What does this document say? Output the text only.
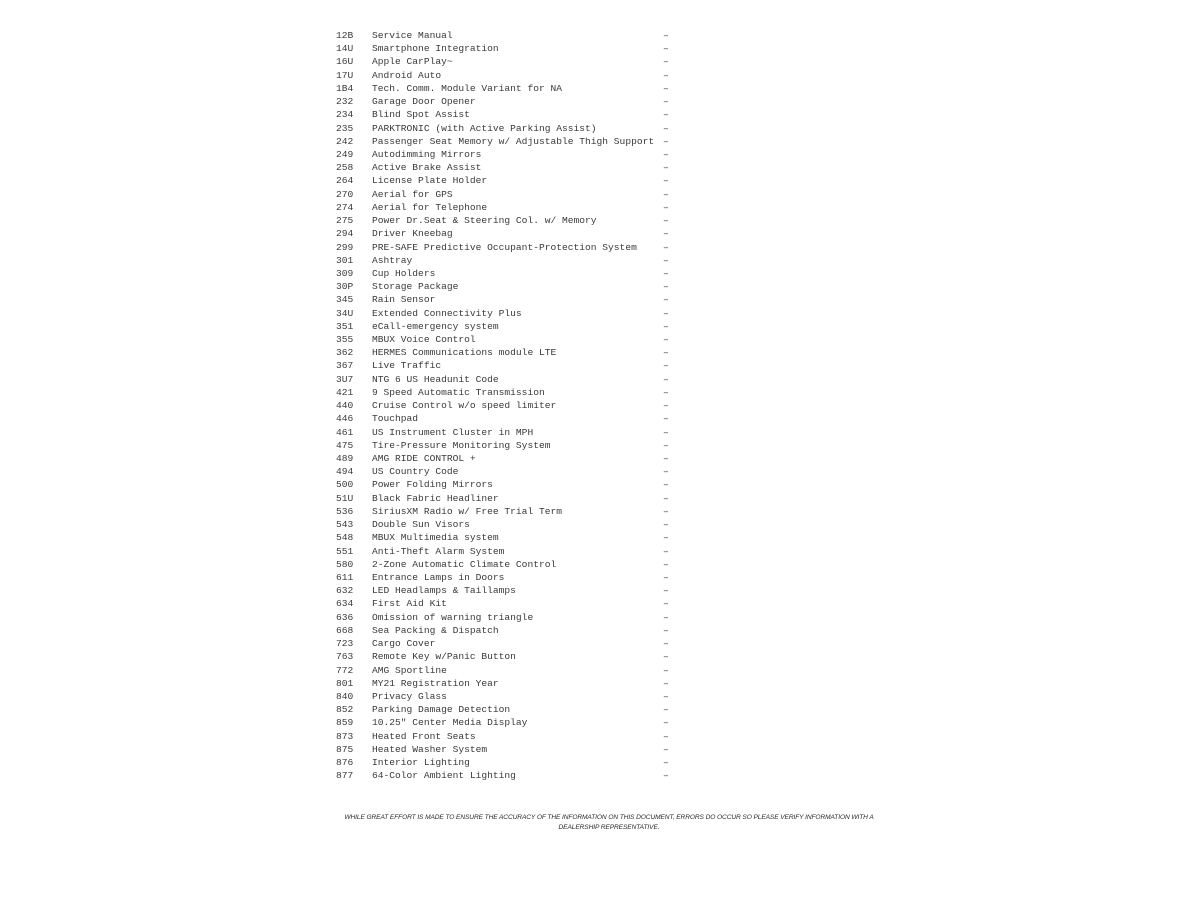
12B Service Manual	–
14U Smartphone Integration	–
16U Apple CarPlay~	–
17U Android Auto	–
1B4 Tech. Comm. Module Variant for NA	–
232 Garage Door Opener	–
234 Blind Spot Assist	–
235 PARKTRONIC (with Active Parking Assist)	–
242 Passenger Seat Memory w/ Adjustable Thigh Support –
249 Autodimming Mirrors	–
258 Active Brake Assist	–
264 License Plate Holder	–
270 Aerial for GPS	–
274 Aerial for Telephone	–
275 Power Dr.Seat & Steering Col. w/ Memory	–
294 Driver Kneebag	–
299 PRE-SAFE Predictive Occupant-Protection System	–
301 Ashtray	–
309 Cup Holders	–
30P Storage Package	–
345 Rain Sensor	–
34U Extended Connectivity Plus	–
351 eCall-emergency system	–
355 MBUX Voice Control	–
362 HERMES Communications module LTE	–
367 Live Traffic	–
3U7 NTG 6 US Headunit Code	–
421 9 Speed Automatic Transmission	–
440 Cruise Control w/o speed limiter	–
446 Touchpad	–
461 US Instrument Cluster in MPH	–
475 Tire-Pressure Monitoring System	–
489 AMG RIDE CONTROL +	–
494 US Country Code	–
500 Power Folding Mirrors	–
51U Black Fabric Headliner	–
536 SiriusXM Radio w/ Free Trial Term	–
543 Double Sun Visors	–
548 MBUX Multimedia system	–
551 Anti-Theft Alarm System	–
580 2-Zone Automatic Climate Control	–
611 Entrance Lamps in Doors	–
632 LED Headlamps & Taillamps	–
634 First Aid Kit	–
636 Omission of warning triangle	–
668 Sea Packing & Dispatch	–
723 Cargo Cover	–
763 Remote Key w/Panic Button	–
772 AMG Sportline	–
801 MY21 Registration Year	–
840 Privacy Glass	–
852 Parking Damage Detection	–
859 10.25" Center Media Display	–
873 Heated Front Seats	–
875 Heated Washer System	–
876 Interior Lighting	–
877 64-Color Ambient Lighting	–
WHILE GREAT EFFORT IS MADE TO ENSURE THE ACCURACY OF THE INFORMATION ON THIS DOCUMENT, ERRORS DO OCCUR SO PLEASE VERIFY INFORMATION WITH A DEALERSHIP REPRESENTATIVE.
